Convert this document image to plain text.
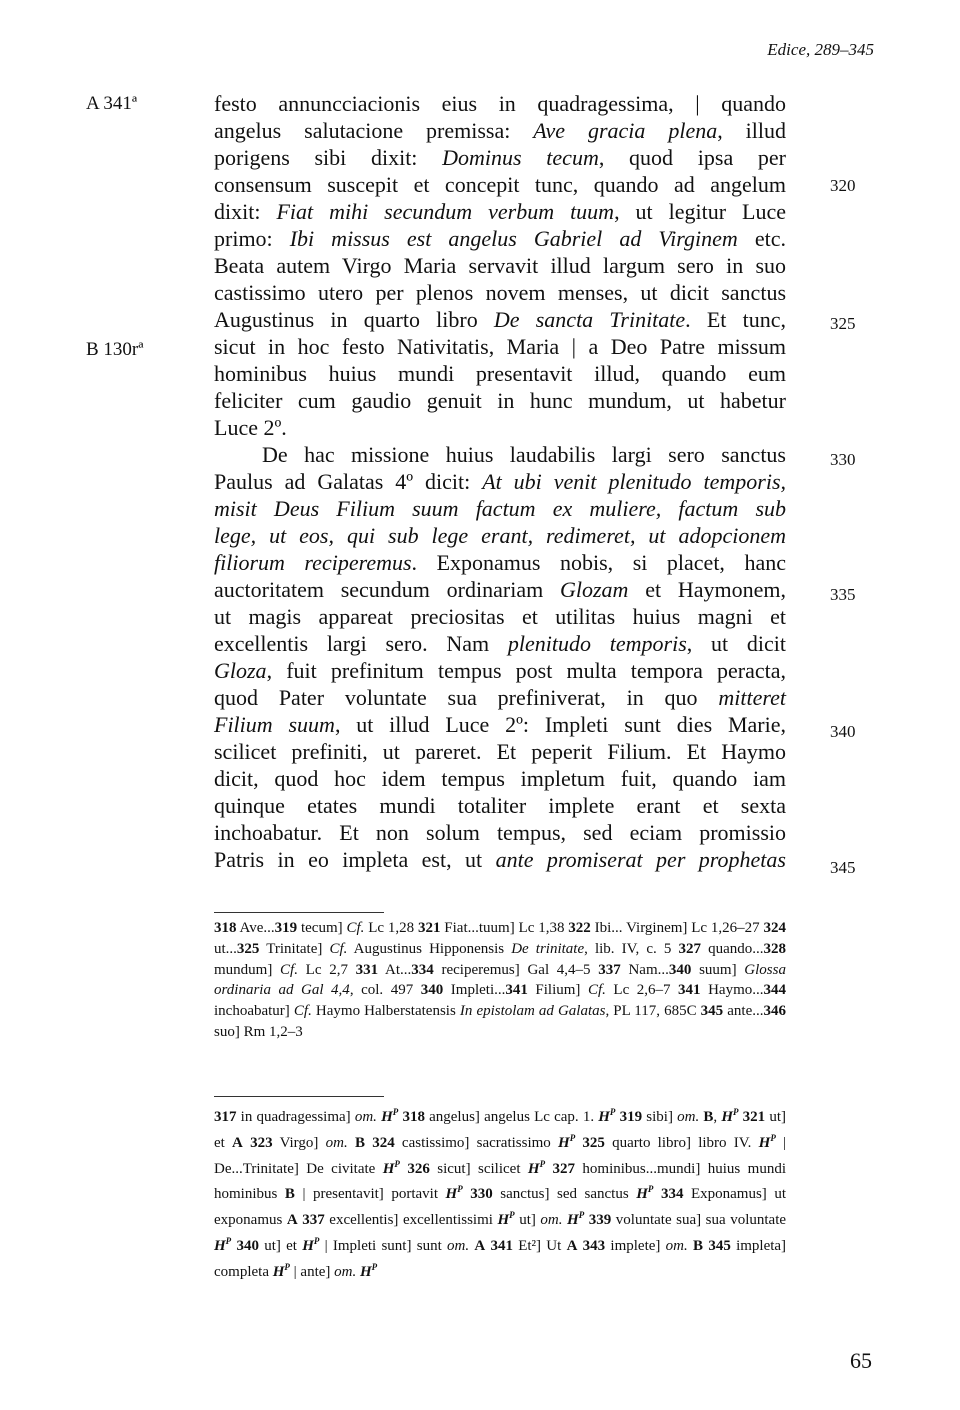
Edice, 289–345
A 341ª
B 130rª
320
325
330
335
340
345
festo annuncciacionis eius in quadragessima, | quando
angelus salutacione premissa: Ave gracia plena, illud
porigens sibi dixit: Dominus tecum, quod ipsa per
consensum suscepit et concepit tunc, quando ad angelum
dixit: Fiat mihi secundum verbum tuum, ut legitur Luce
primo: Ibi missus est angelus Gabriel ad Virginem etc.
Beata autem Virgo Maria servavit illud largum sero in suo
castissimo utero per plenos novem menses, ut dicit sanctus
Augustinus in quarto libro De sancta Trinitate. Et tunc,
sicut in hoc festo Nativitatis, Maria | a Deo Patre missum
hominibus huius mundi presentavit illud, quando eum
feliciter cum gaudio genuit in hunc mundum, ut habetur
Luce 2º.
De hac missione huius laudabilis largi sero sanctus
Paulus ad Galatas 4º dicit: At ubi venit plenitudo temporis,
misit Deus Filium suum factum ex muliere, factum sub
lege, ut eos, qui sub lege erant, redimeret, ut adopcionem
filiorum reciperemus. Exponamus nobis, si placet, hanc
auctoritatem secundum ordinariam Glozam et Haymonem,
ut magis appareat preciositas et utilitas huius magni et
excellentis largi sero. Nam plenitudo temporis, ut dicit
Gloza, fuit prefinitum tempus post multa tempora peracta,
quod Pater voluntate sua prefiniverat, in quo mitteret
Filium suum, ut illud Luce 2º: Impleti sunt dies Marie,
scilicet prefiniti, ut pareret. Et peperit Filium. Et Haymo
dicit, quod hoc idem tempus impletum fuit, quando iam
quinque etates mundi totaliter implete erant et sexta
inchoabatur. Et non solum tempus, sed eciam promissio
Patris in eo impleta est, ut ante promiserat per prophetas

318 Ave...319 tecum] Cf. Lc 1,28 321 Fiat...tuum] Lc 1,38 322 Ibi... Virginem] Lc 1,26–27 324 ut...325 Trinitate] Cf. Augustinus Hipponensis De trinitate, lib. IV, c. 5 327 quando...328 mundum] Cf. Lc 2,7 331 At...334 reciperemus] Gal 4,4–5 337 Nam...340 suum] Glossa ordinaria ad Gal 4,4, col. 497 340 Impleti...341 Filium] Cf. Lc 2,6–7 341 Haymo...344 inchoabatur] Cf. Haymo Halberstatensis In epistolam ad Galatas, PL 117, 685C 345 ante...346 suo] Rm 1,2–3

317 in quadragessima] om. $H^P$ 318 angelus] angelus Lc cap. 1. $H^P$ 319 sibi] om. B, $H^P$ 321 ut] et A 323 Virgo] om. B 324 castissimo] sacratissimo $H^P$ 325 quarto libro] libro IV. $H^P$ | De...Trinitate] De civitate $H^P$ 326 sicut] scilicet $H^P$ 327 hominibus...mundi] huius mundi hominibus B | presentavit] portavit $H^P$ 330 sanctus] sed sanctus $H^P$ 334 Exponamus] ut exponamus A 337 excellentis] excellentissimi $H^P$ ut] om. $H^P$ 339 voluntate sua] sua voluntate $H^P$ 340 ut] et $H^P$ | Impleti sunt] sunt om. A 341 Et²] Ut A 343 implete] om. B 345 impleta] completa $H^P$ | ante] om. $H^P$

65
